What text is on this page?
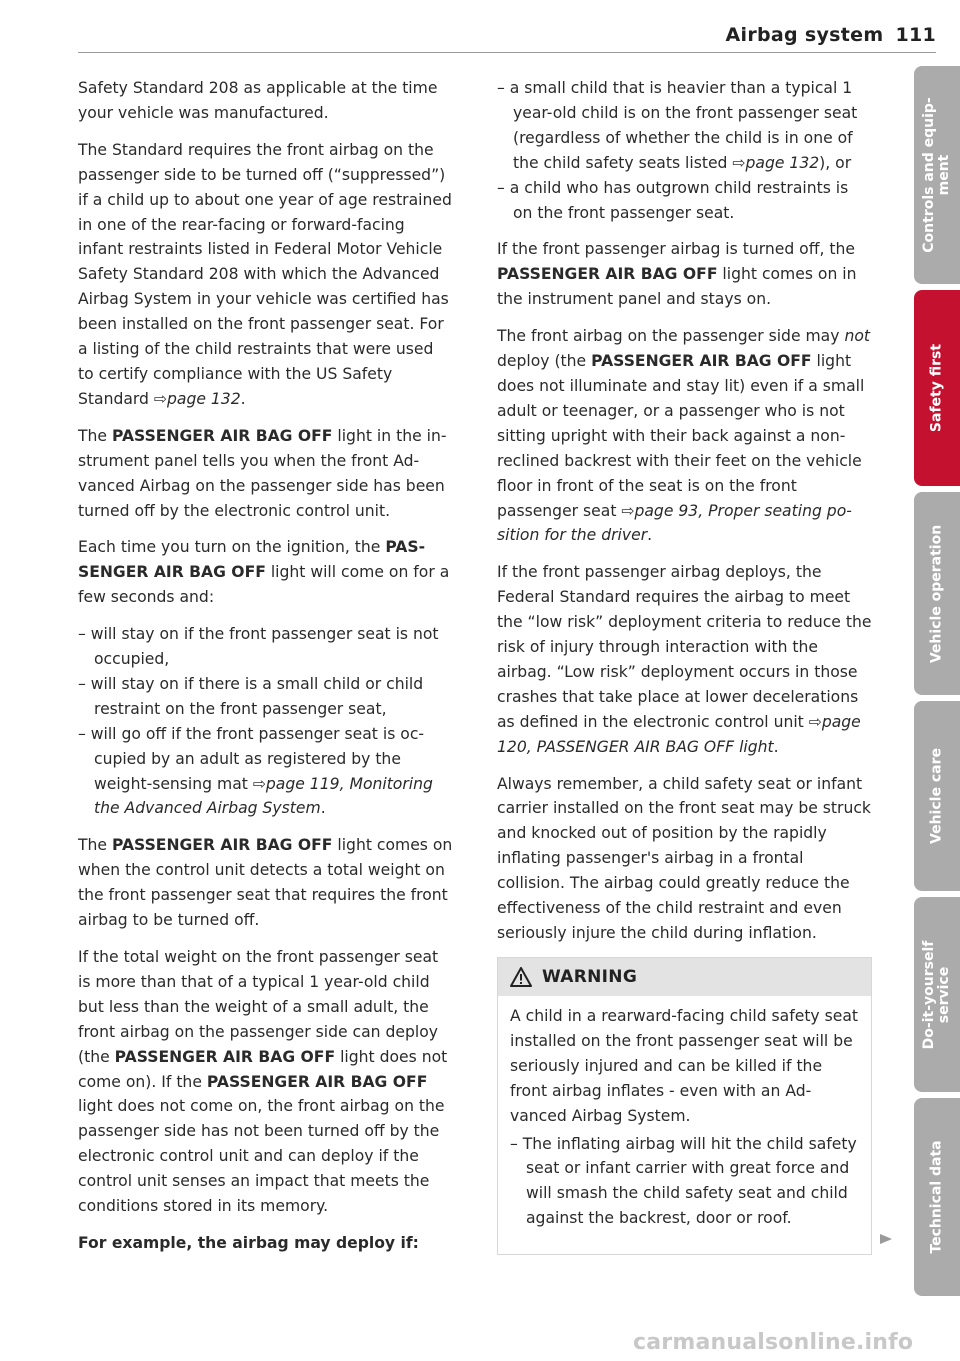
Airbag system 111

Safety Standard 208 as applicable at the time your vehicle was manufactured.

The Standard requires the front airbag on the passenger side to be turned off (“suppressed”) if a child up to about one year of age restrained in one of the rear-facing or forward-facing infant restraints listed in Federal Motor Vehicle Safety Standard 208 with which the Advanced Airbag System in your vehicle was certified has been installed on the front passenger seat. For a listing of the child restraints that were used to certify compliance with the US Safety Standard ⇨page 132.

The PASSENGER AIR BAG OFF light in the instrument panel tells you when the front Advanced Airbag on the passenger side has been turned off by the electronic control unit.

Each time you turn on the ignition, the PASSENGER AIR BAG OFF light will come on for a few seconds and:

– will stay on if the front passenger seat is not occupied,
– will stay on if there is a small child or child restraint on the front passenger seat,
– will go off if the front passenger seat is occupied by an adult as registered by the weight-sensing mat ⇨page 119, Monitoring the Advanced Airbag System.

The PASSENGER AIR BAG OFF light comes on when the control unit detects a total weight on the front passenger seat that requires the front airbag to be turned off.

If the total weight on the front passenger seat is more than that of a typical 1 year-old child but less than the weight of a small adult, the front airbag on the passenger side can deploy (the PASSENGER AIR BAG OFF light does not come on). If the PASSENGER AIR BAG OFF light does not come on, the front airbag on the passenger side has not been turned off by the electronic control unit and can deploy if the control unit senses an impact that meets the conditions stored in its memory.

For example, the airbag may deploy if:

– a small child that is heavier than a typical 1 year-old child is on the front passenger seat (regardless of whether the child is in one of the child safety seats listed ⇨page 132), or
– a child who has outgrown child restraints is on the front passenger seat.

If the front passenger airbag is turned off, the PASSENGER AIR BAG OFF light comes on in the instrument panel and stays on.

The front airbag on the passenger side may not deploy (the PASSENGER AIR BAG OFF light does not illuminate and stay lit) even if a small adult or teenager, or a passenger who is not sitting upright with their back against a non-reclined backrest with their feet on the vehicle floor in front of the seat is on the front passenger seat ⇨page 93, Proper seating position for the driver.

If the front passenger airbag deploys, the Federal Standard requires the airbag to meet the “low risk” deployment criteria to reduce the risk of injury through interaction with the airbag. “Low risk” deployment occurs in those crashes that take place at lower decelerations as defined in the electronic control unit ⇨page 120, PASSENGER AIR BAG OFF light.

Always remember, a child safety seat or infant carrier installed on the front seat may be struck and knocked out of position by the rapidly inflating passenger's airbag in a frontal collision. The airbag could greatly reduce the effectiveness of the child restraint and even seriously injure the child during inflation.

WARNING

A child in a rearward-facing child safety seat installed on the front passenger seat will be seriously injured and can be killed if the front airbag inflates - even with an Advanced Airbag System.

– The inflating airbag will hit the child safety seat or infant carrier with great force and will smash the child safety seat and child against the backrest, door or roof.
Controls and equip-
ment
Safety first
Vehicle operation
Vehicle care
Do-it-yourself
service
Technical data
carmanualsonline.info
